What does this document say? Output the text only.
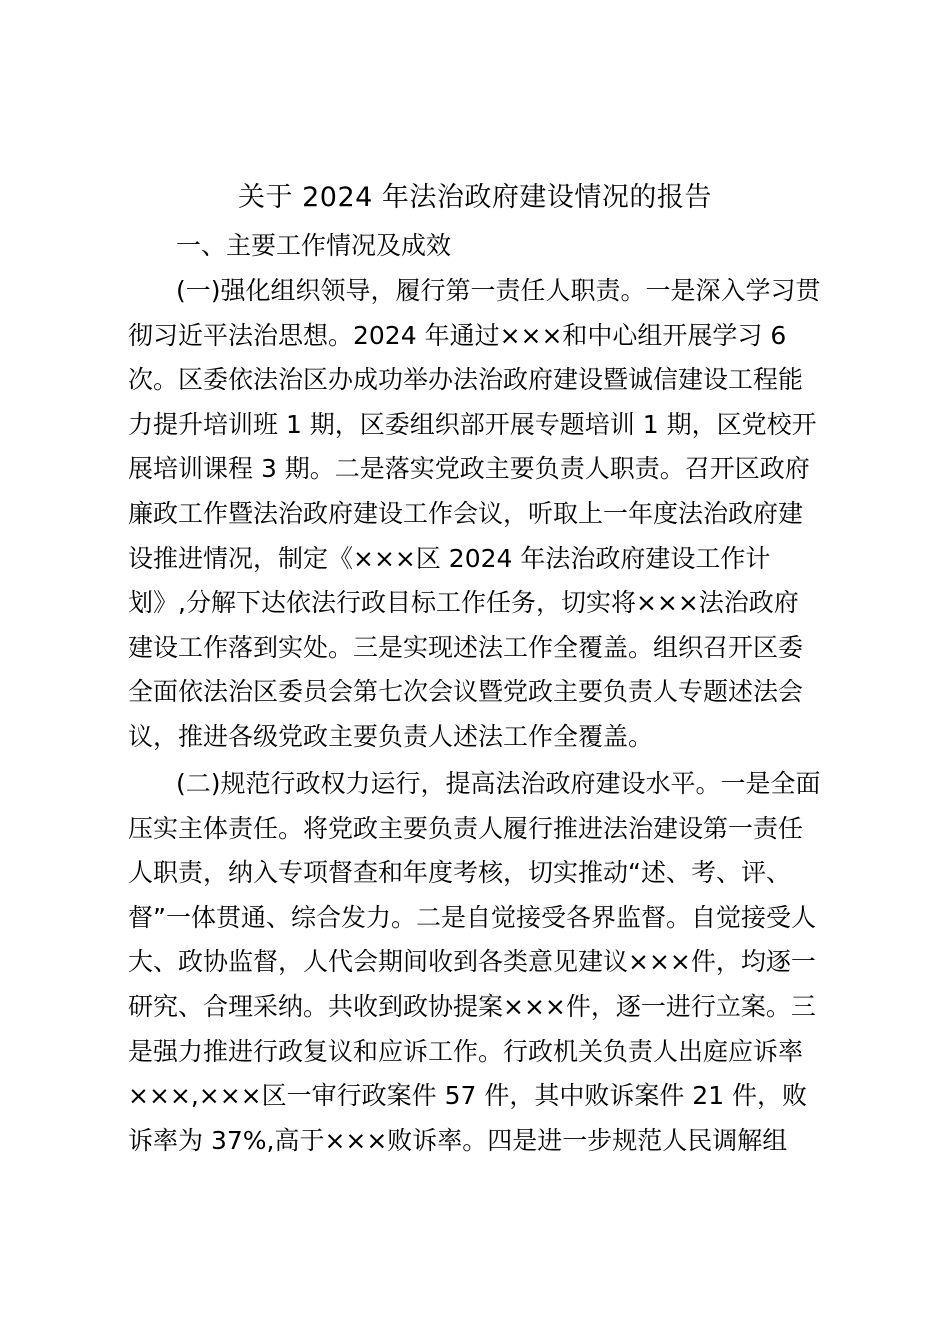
关于 2024 年法治政府建设情况的报告
一、主要工作情况及成效
(一)强化组织领导，履行第一责任人职责。一是深入学习贯
彻习近平法治思想。2024 年通过×××和中心组开展学习 6
次。区委依法治区办成功举办法治政府建设暨诚信建设工程能
力提升培训班 1 期，区委组织部开展专题培训 1 期，区党校开
展培训课程 3 期。二是落实党政主要负责人职责。召开区政府
廉政工作暨法治政府建设工作会议，听取上一年度法治政府建
设推进情况，制定《×××区 2024 年法治政府建设工作计
划》,分解下达依法行政目标工作任务，切实将×××法治政府
建设工作落到实处。三是实现述法工作全覆盖。组织召开区委
全面依法治区委员会第七次会议暨党政主要负责人专题述法会
议，推进各级党政主要负责人述法工作全覆盖。
(二)规范行政权力运行，提高法治政府建设水平。一是全面
压实主体责任。将党政主要负责人履行推进法治建设第一责任
人职责，纳入专项督查和年度考核，切实推动“述、考、评、
督”一体贯通、综合发力。二是自觉接受各界监督。自觉接受人
大、政协监督，人代会期间收到各类意见建议×××件，均逐一
研究、合理采纳。共收到政协提案×××件，逐一进行立案。三
是强力推进行政复议和应诉工作。行政机关负责人出庭应诉率
×××,×××区一审行政案件 57 件，其中败诉案件 21 件，败
诉率为 37%,高于×××败诉率。四是进一步规范人民调解组
